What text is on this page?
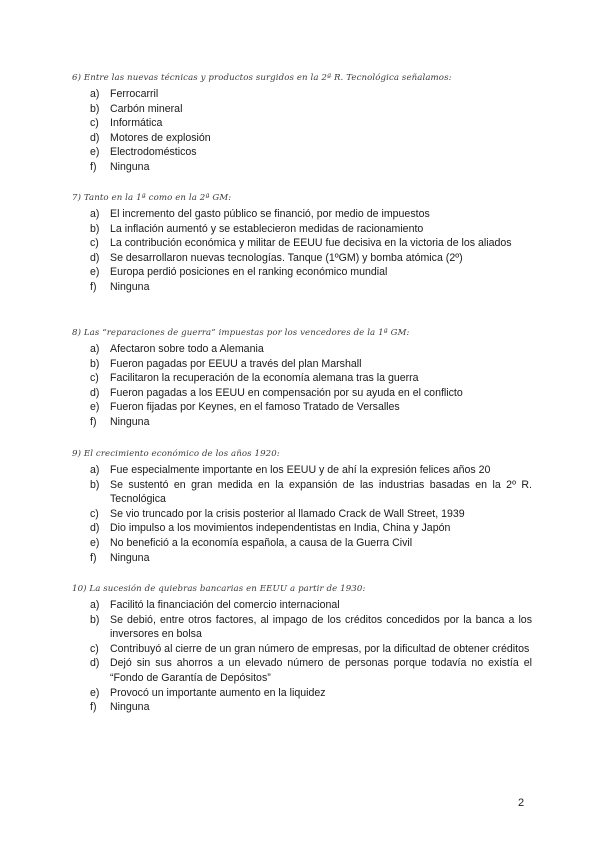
6) Entre las nuevas técnicas y productos surgidos en la 2ª R. Tecnológica señalamos:
a) Ferrocarril
b) Carbón mineral
c)	Informática
d) Motores de explosión
e) Electrodomésticos
f)	Ninguna
7) Tanto en la 1ª como en la 2ª GM:
a) El incremento del gasto público se financió, por medio de impuestos
b) La inflación aumentó y se establecieron medidas de racionamiento
c)	La contribución económica y militar de EEUU fue decisiva en la victoria de los aliados
d) Se desarrollaron nuevas tecnologías. Tanque (1ºGM) y bomba atómica (2º)
e) Europa perdió posiciones en el ranking económico mundial
f)	Ninguna
8) Las “reparaciones de guerra” impuestas por los vencedores de la 1ª GM:
a) Afectaron sobre todo a Alemania
b) Fueron pagadas por EEUU a través del plan Marshall
c)	Facilitaron la recuperación de la economía alemana tras la guerra
d) Fueron pagadas a los EEUU en compensación por su ayuda en el conflicto
e) Fueron fijadas por Keynes, en el famoso Tratado de Versalles
f)	Ninguna
9) El crecimiento económico de los años 1920:
a) Fue especialmente importante en los EEUU y de ahí la expresión felices años 20
b) Se sustentó en gran medida en la expansión de las industrias basadas en la 2º R. Tecnológica
c)	Se vio truncado por la crisis posterior al llamado Crack de Wall Street, 1939
d) Dio impulso a los movimientos independentistas en India, China y Japón
e) No benefició a la economía española, a causa de la Guerra Civil
f)	Ninguna
10) La sucesión de quiebras bancarias en EEUU a partir de 1930:
a) Facilitó la financiación del comercio internacional
b) Se debió, entre otros factores, al impago de los créditos concedidos por la banca a los inversores en bolsa
c)	Contribuyó al cierre de un gran número de empresas, por la dificultad de obtener créditos
d) Dejó sin sus ahorros a un elevado número de personas porque todavía no existía el “Fondo de Garantía de Depósitos”
e) Provocó un importante aumento en la liquidez
f)	Ninguna
2
